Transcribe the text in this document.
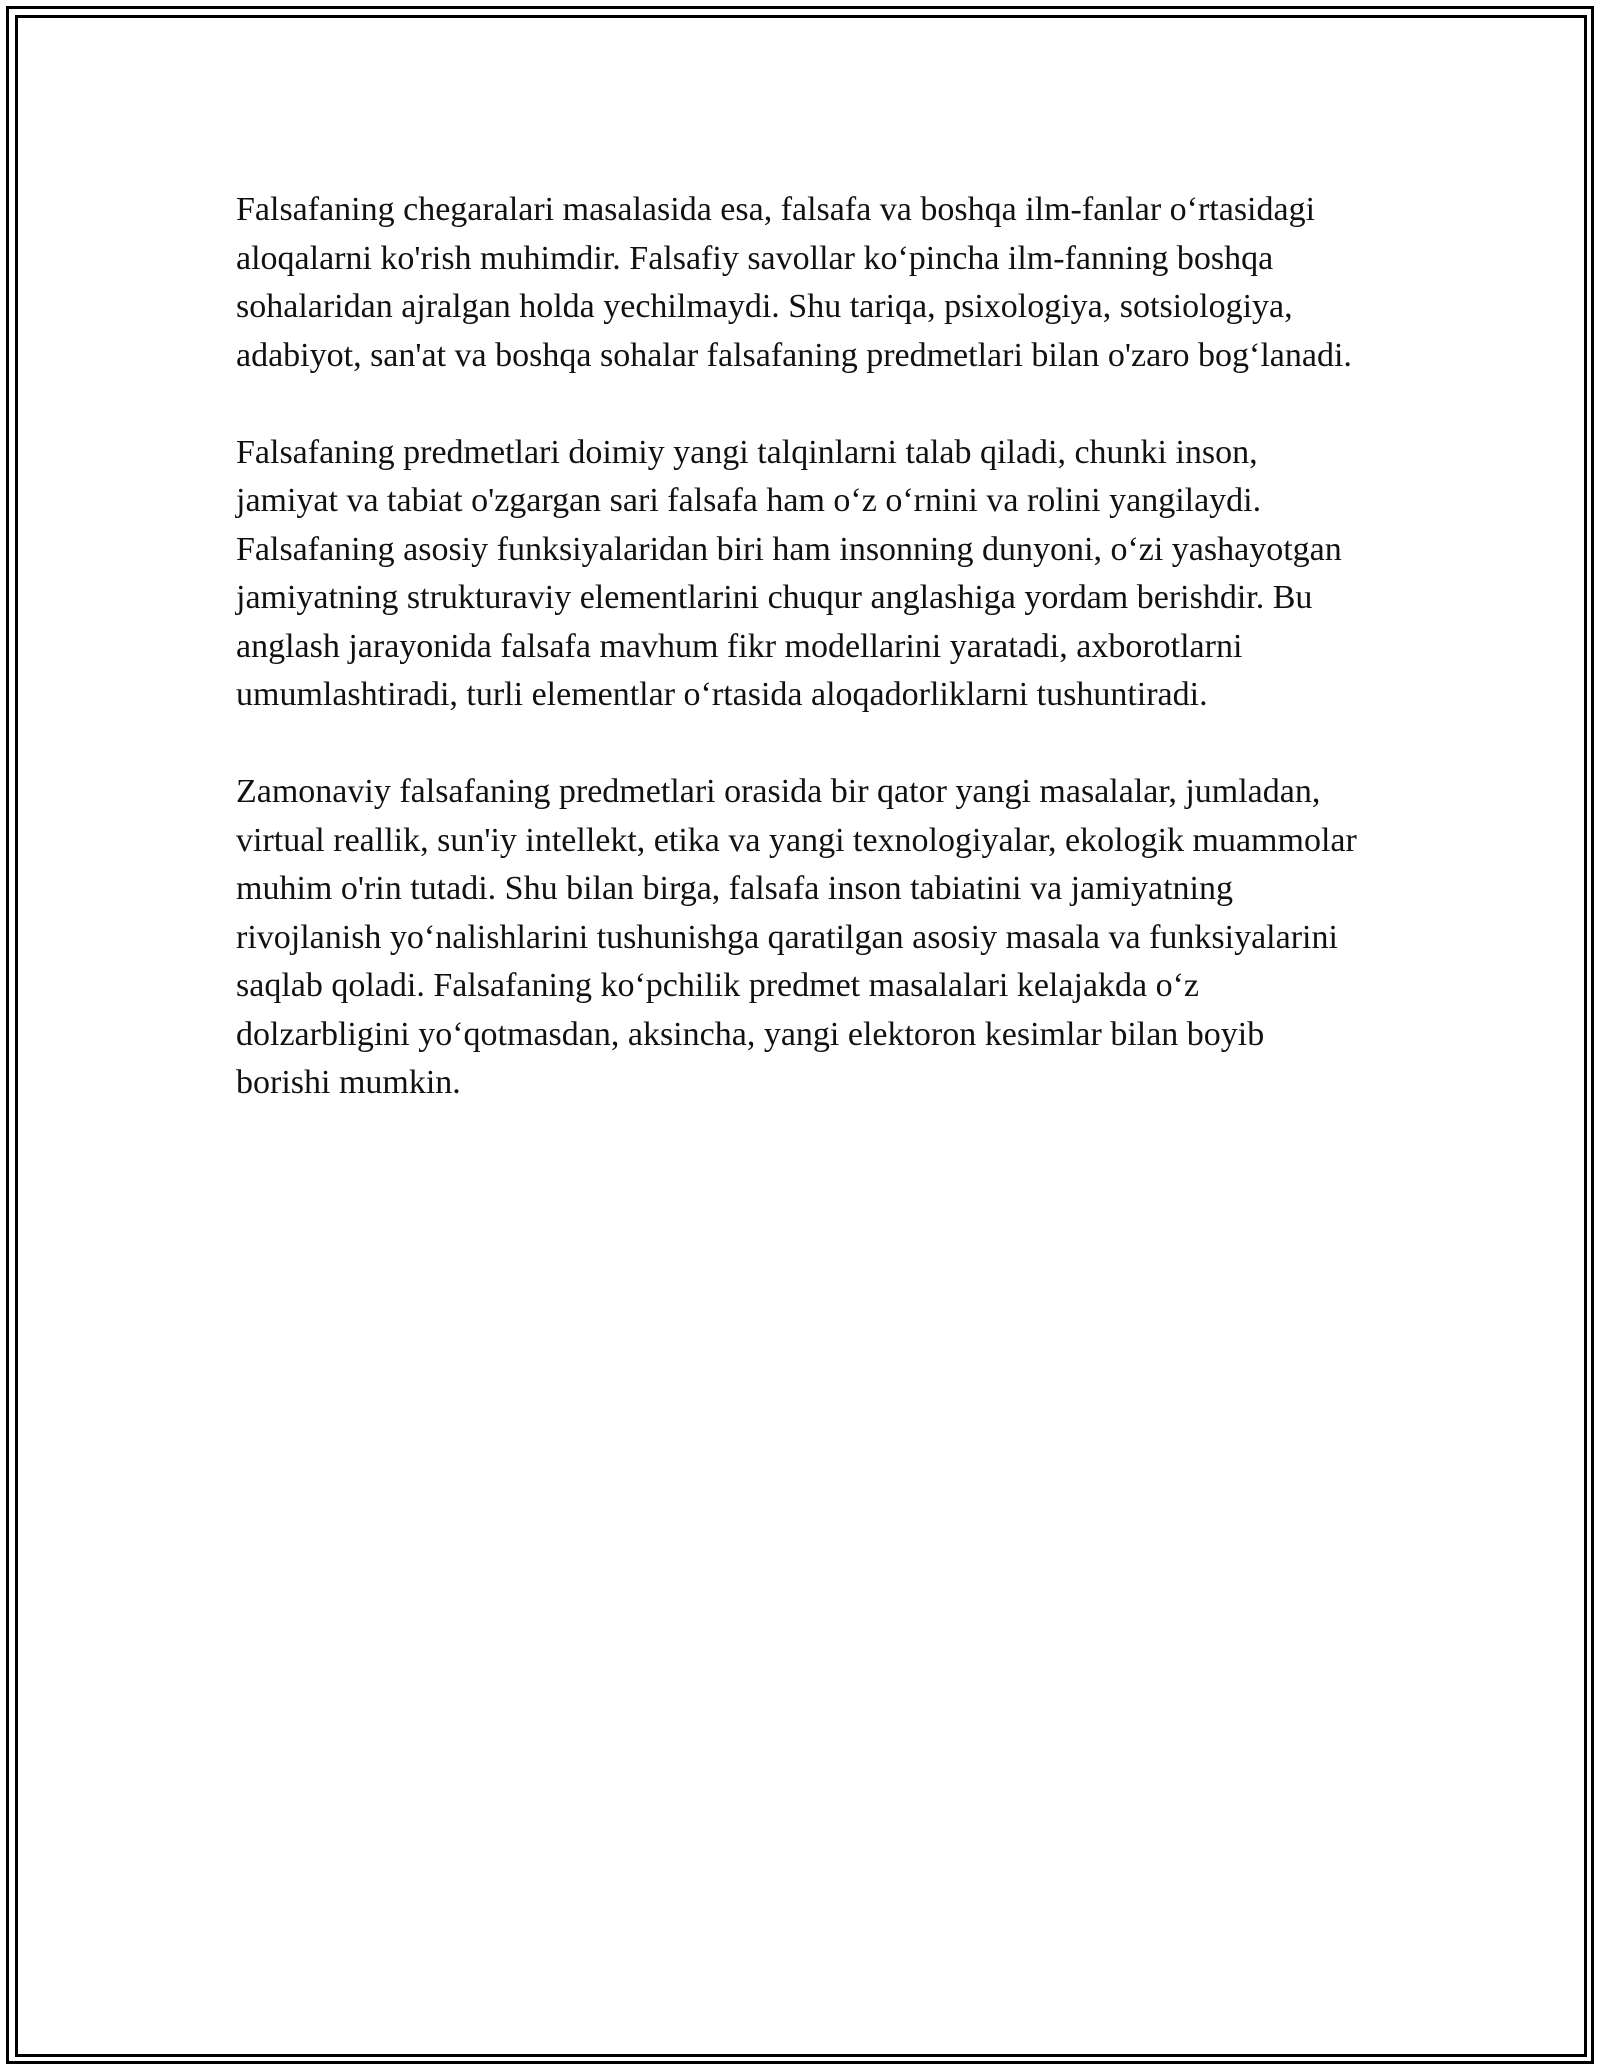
Falsafaning chegaralari masalasida esa, falsafa va boshqa ilm-fanlar o‘rtasidagi aloqalarni ko'rish muhimdir. Falsafiy savollar ko‘pincha ilm-fanning boshqa sohalaridan ajralgan holda yechilmaydi. Shu tariqa, psixologiya, sotsiologiya, adabiyot, san'at va boshqa sohalar falsafaning predmetlari bilan o'zaro bog‘lanadi.

Falsafaning predmetlari doimiy yangi talqinlarni talab qiladi, chunki inson, jamiyat va tabiat o'zgargan sari falsafa ham o‘z o‘rnini va rolini yangilaydi. Falsafaning asosiy funksiyalaridan biri ham insonning dunyoni, o‘zi yashayotgan jamiyatning strukturaviy elementlarini chuqur anglashiga yordam berishdir. Bu anglash jarayonida falsafa mavhum fikr modellarini yaratadi, axborotlarni umumlashtiradi, turli elementlar o‘rtasida aloqadorliklarni tushuntiradi.

Zamonaviy falsafaning predmetlari orasida bir qator yangi masalalar, jumladan, virtual reallik, sun'iy intellekt, etika va yangi texnologiyalar, ekologik muammolar muhim o'rin tutadi. Shu bilan birga, falsafa inson tabiatini va jamiyatning rivojlanish yo‘nalishlarini tushunishga qaratilgan asosiy masala va funksiyalarini saqlab qoladi. Falsafaning ko‘pchilik predmet masalalari kelajakda o‘z dolzarbligini yo‘qotmasdan, aksincha, yangi elektoron kesimlar bilan boyib borishi mumkin.
